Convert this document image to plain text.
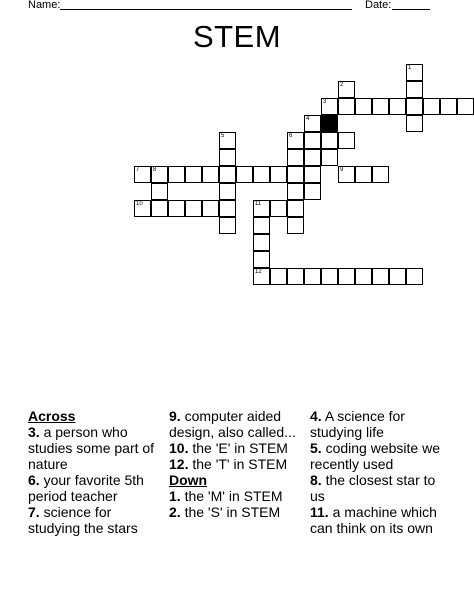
Name:	Date:
STEM
1
2
3
4
6
5
7 8	9
10	11
12
Across
3. a person who studies some part of nature
6. your favorite 5th period teacher
7. science for studying the stars
9. computer aided design, also called...
10. the 'E' in STEM
12. the 'T' in STEM
Down
1. the 'M' in STEM
2. the 'S' in STEM
4. A science for studying life
5. coding website we recently used
8. the closest star to us
11. a machine which can think on its own
